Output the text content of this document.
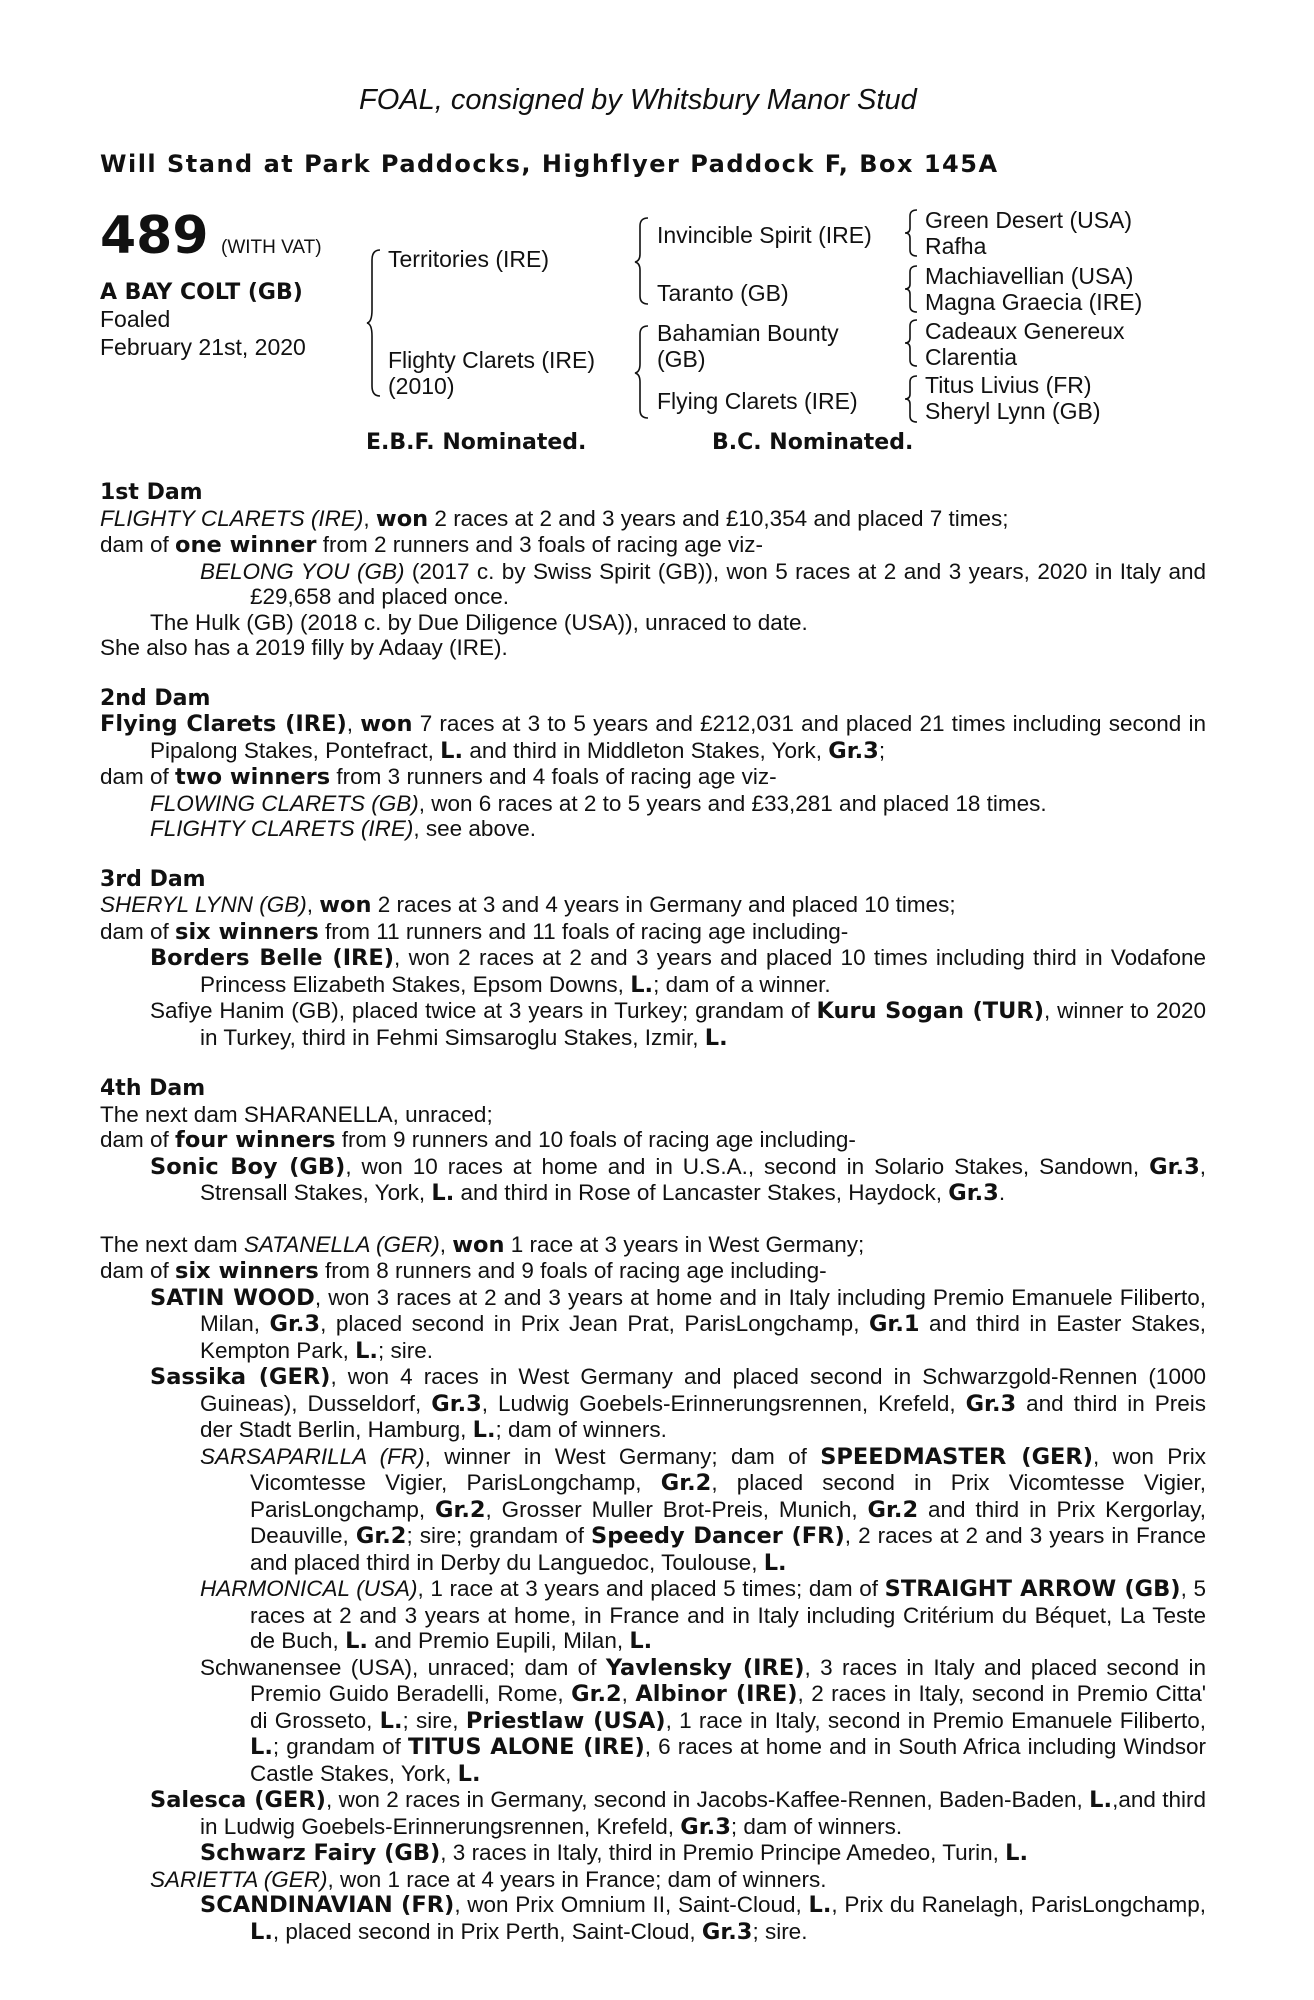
FOAL, consigned by Whitsbury Manor Stud
Will Stand at Park Paddocks, Highflyer Paddock F, Box 145A
489 (WITH VAT)
A BAY COLT (GB)
Foaled
February 21st, 2020
Territories (IRE)
Flighty Clarets (IRE)
(2010)
Invincible Spirit (IRE)
Taranto (GB)
Bahamian Bounty
(GB)
Flying Clarets (IRE)
Green Desert (USA)
Rafha
Machiavellian (USA)
Magna Graecia (IRE)
Cadeaux Genereux
Clarentia
Titus Livius (FR)
Sheryl Lynn (GB)
E.B.F. Nominated.	B.C. Nominated.

1st Dam

FLIGHTY CLARETS (IRE), won 2 races at 2 and 3 years and £10,354 and placed 7 times;

dam of one winner from 2 runners and 3 foals of racing age viz-

BELONG YOU (GB) (2017 c. by Swiss Spirit (GB)), won 5 races at 2 and 3 years, 2020 in Italy and £29,658 and placed once.

The Hulk (GB) (2018 c. by Due Diligence (USA)), unraced to date.

She also has a 2019 filly by Adaay (IRE).

2nd Dam

Flying Clarets (IRE), won 7 races at 3 to 5 years and £212,031 and placed 21 times including second in Pipalong Stakes, Pontefract, L. and third in Middleton Stakes, York, Gr.3;

dam of two winners from 3 runners and 4 foals of racing age viz-

FLOWING CLARETS (GB), won 6 races at 2 to 5 years and £33,281 and placed 18 times.

FLIGHTY CLARETS (IRE), see above.

3rd Dam

SHERYL LYNN (GB), won 2 races at 3 and 4 years in Germany and placed 10 times;

dam of six winners from 11 runners and 11 foals of racing age including-

Borders Belle (IRE), won 2 races at 2 and 3 years and placed 10 times including third in Vodafone Princess Elizabeth Stakes, Epsom Downs, L.; dam of a winner.

Safiye Hanim (GB), placed twice at 3 years in Turkey; grandam of Kuru Sogan (TUR), winner to 2020 in Turkey, third in Fehmi Simsaroglu Stakes, Izmir, L.

4th Dam

The next dam SHARANELLA, unraced;

dam of four winners from 9 runners and 10 foals of racing age including-

Sonic Boy (GB), won 10 races at home and in U.S.A., second in Solario Stakes, Sandown, Gr.3, Strensall Stakes, York, L. and third in Rose of Lancaster Stakes, Haydock, Gr.3.

The next dam SATANELLA (GER), won 1 race at 3 years in West Germany;

dam of six winners from 8 runners and 9 foals of racing age including-

SATIN WOOD, won 3 races at 2 and 3 years at home and in Italy including Premio Emanuele Filiberto, Milan, Gr.3, placed second in Prix Jean Prat, ParisLongchamp, Gr.1 and third in Easter Stakes, Kempton Park, L.; sire.

Sassika (GER), won 4 races in West Germany and placed second in Schwarzgold-Rennen (1000 Guineas), Dusseldorf, Gr.3, Ludwig Goebels-Erinnerungsrennen, Krefeld, Gr.3 and third in Preis der Stadt Berlin, Hamburg, L.; dam of winners.

SARSAPARILLA (FR), winner in West Germany; dam of SPEEDMASTER (GER), won Prix Vicomtesse Vigier, ParisLongchamp, Gr.2, placed second in Prix Vicomtesse Vigier, ParisLongchamp, Gr.2, Grosser Muller Brot-Preis, Munich, Gr.2 and third in Prix Kergorlay, Deauville, Gr.2; sire; grandam of Speedy Dancer (FR), 2 races at 2 and 3 years in France and placed third in Derby du Languedoc, Toulouse, L.

HARMONICAL (USA), 1 race at 3 years and placed 5 times; dam of STRAIGHT ARROW (GB), 5 races at 2 and 3 years at home, in France and in Italy including Critérium du Béquet, La Teste de Buch, L. and Premio Eupili, Milan, L.

Schwanensee (USA), unraced; dam of Yavlensky (IRE), 3 races in Italy and placed second in Premio Guido Beradelli, Rome, Gr.2, Albinor (IRE), 2 races in Italy, second in Premio Citta' di Grosseto, L.; sire, Priestlaw (USA), 1 race in Italy, second in Premio Emanuele Filiberto, L.; grandam of TITUS ALONE (IRE), 6 races at home and in South Africa including Windsor Castle Stakes, York, L.

Salesca (GER), won 2 races in Germany, second in Jacobs-Kaffee-Rennen, Baden-Baden, L.,and third in Ludwig Goebels-Erinnerungsrennen, Krefeld, Gr.3; dam of winners.

Schwarz Fairy (GB), 3 races in Italy, third in Premio Principe Amedeo, Turin, L.

SARIETTA (GER), won 1 race at 4 years in France; dam of winners.

SCANDINAVIAN (FR), won Prix Omnium II, Saint-Cloud, L., Prix du Ranelagh, ParisLongchamp, L., placed second in Prix Perth, Saint-Cloud, Gr.3; sire.
